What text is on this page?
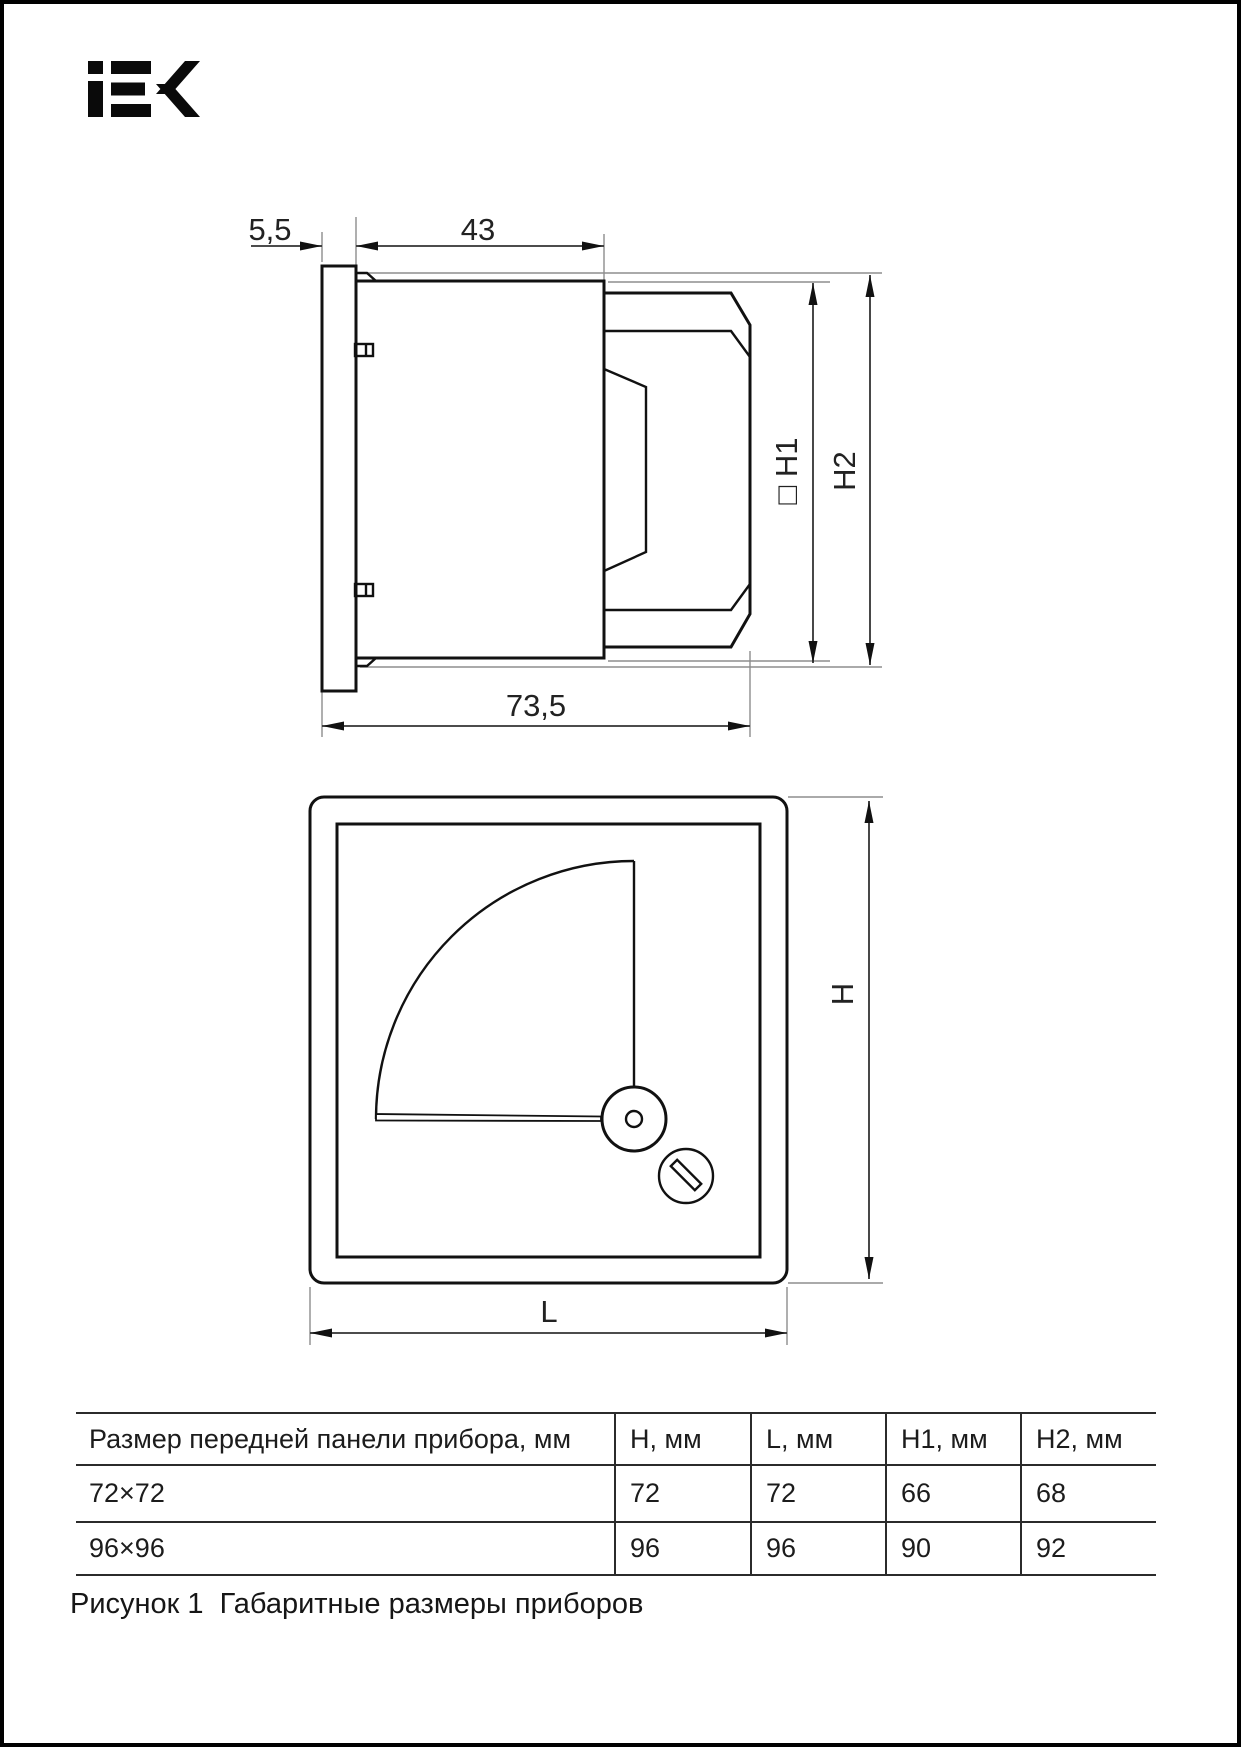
5,5	43
73,5
□ H1 H2
H
L
Размер передней панели прибора, мм	H, мм	L, мм	H1, мм	H2, мм
72×72	72	72	66	68
96×96	96	96	90	92
Рисунок 1  Габаритные размеры приборов
